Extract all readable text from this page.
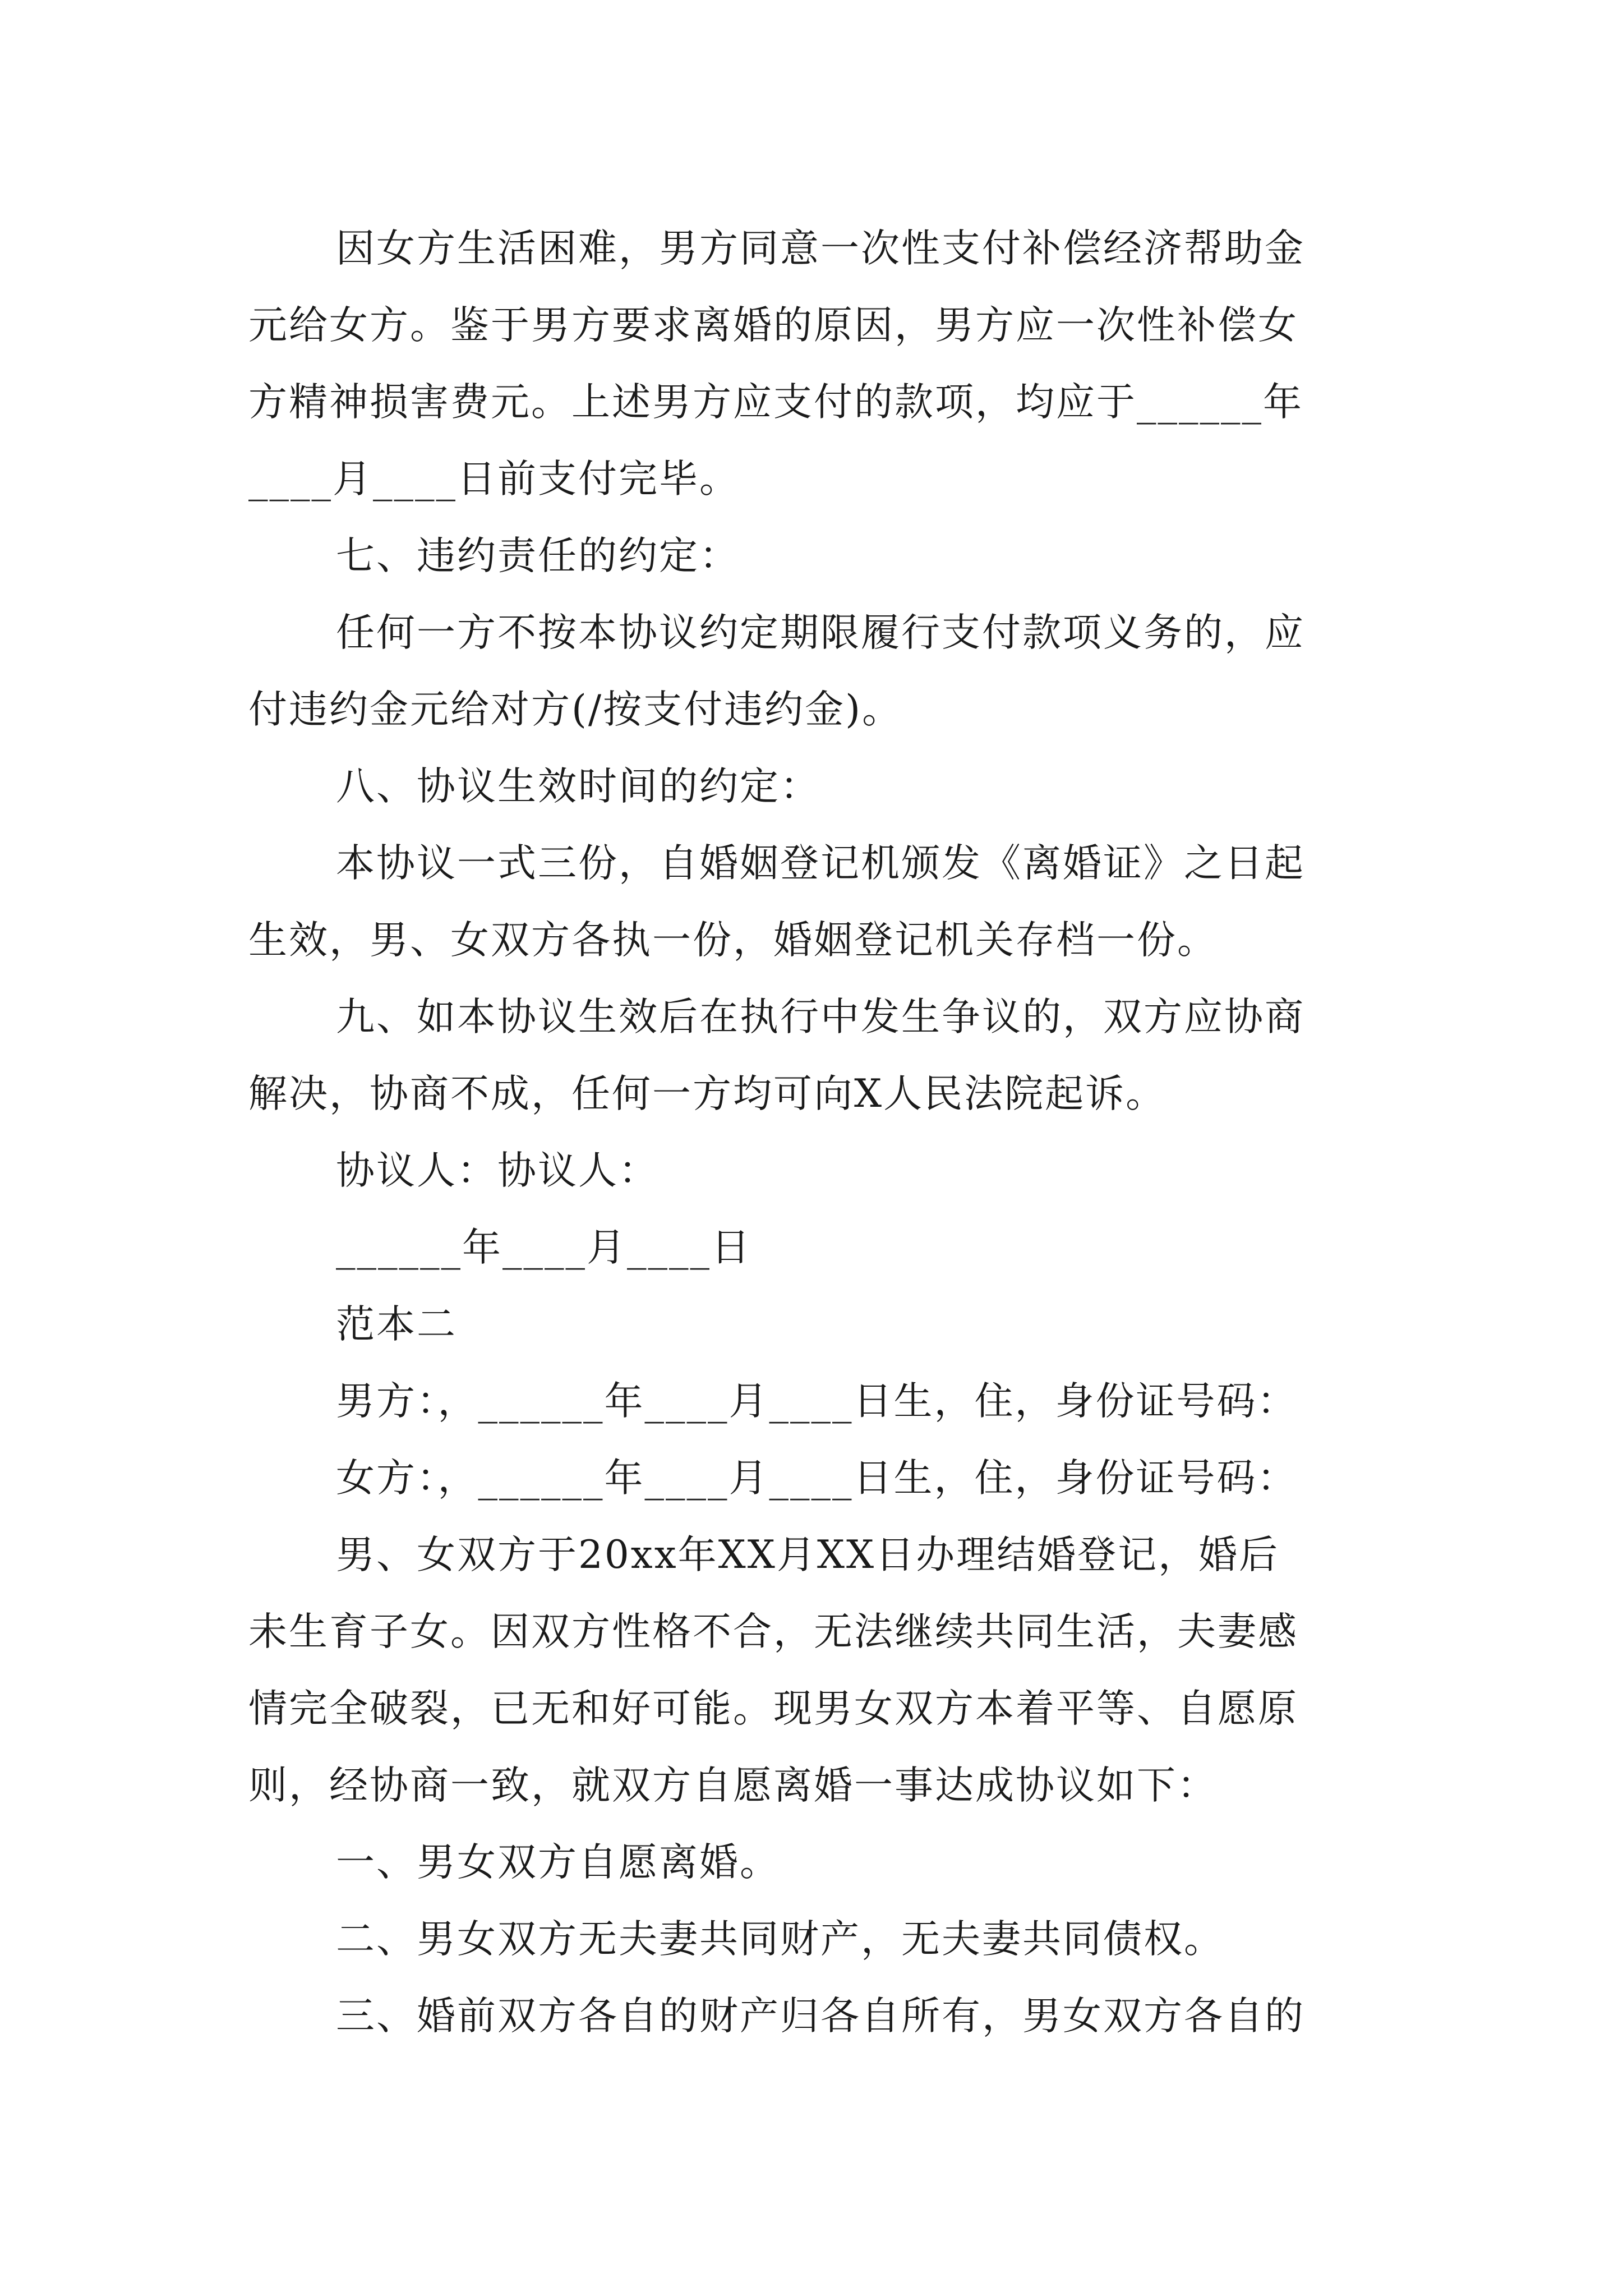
因女方生活困难，男方同意一次性支付补偿经济帮助金
元给女方。鉴于男方要求离婚的原因，男方应一次性补偿女
方精神损害费元。上述男方应支付的款项，均应于______年
____月____日前支付完毕。

七、违约责任的约定：

任何一方不按本协议约定期限履行支付款项义务的，应
付违约金元给对方(/按支付违约金)。

八、协议生效时间的约定：

本协议一式三份，自婚姻登记机颁发《离婚证》之日起
生效，男、女双方各执一份，婚姻登记机关存档一份。

九、如本协议生效后在执行中发生争议的，双方应协商
解决，协商不成，任何一方均可向X人民法院起诉。

协议人：协议人：

______年____月____日

范本二

男方：，______年____月____日生，住，身份证号码：

女方：，______年____月____日生，住，身份证号码：

男、女双方于20xx年XX月XX日办理结婚登记，婚后
未生育子女。因双方性格不合，无法继续共同生活，夫妻感
情完全破裂，已无和好可能。现男女双方本着平等、自愿原
则，经协商一致，就双方自愿离婚一事达成协议如下：

一、男女双方自愿离婚。

二、男女双方无夫妻共同财产，无夫妻共同债权。

三、婚前双方各自的财产归各自所有，男女双方各自的
